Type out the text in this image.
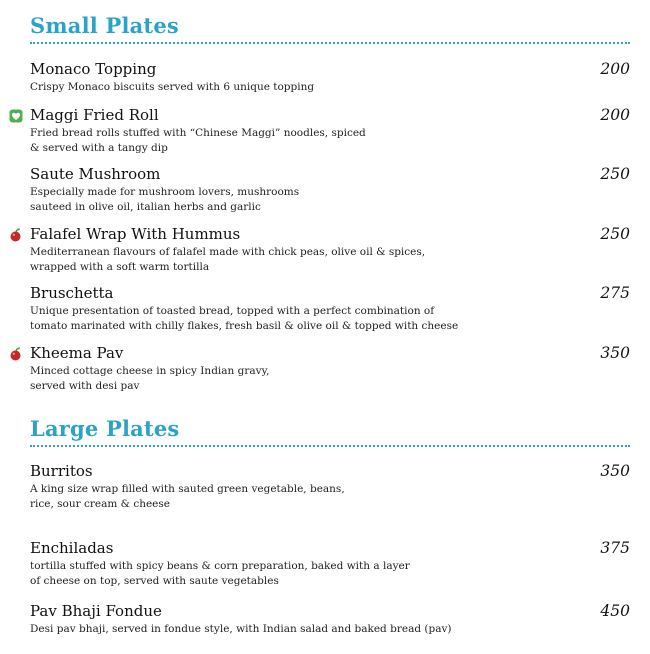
Small Plates
Monaco Topping
Crispy Monaco biscuits served with 6 unique topping
200
Maggi Fried Roll
Fried bread rolls stuffed with “Chinese Maggi” noodles, spiced
& served with a tangy dip
200
Saute Mushroom
Especially made for mushroom lovers, mushrooms
sauteed in olive oil, italian herbs and garlic
250
Falafel Wrap With Hummus
Mediterranean flavours of falafel made with chick peas, olive oil & spices,
wrapped with a soft warm tortilla
250
Bruschetta
Unique presentation of toasted bread, topped with a perfect combination of
tomato marinated with chilly flakes, fresh basil & olive oil & topped with cheese
275
Kheema Pav
Minced cottage cheese in spicy Indian gravy,
served with desi pav
350
Large Plates
Burritos
A king size wrap filled with sauted green vegetable, beans,
rice, sour cream & cheese
350
Enchiladas
tortilla stuffed with spicy beans & corn preparation, baked with a layer
of cheese on top, served with saute vegetables
375
Pav Bhaji Fondue
Desi pav bhaji, served in fondue style, with Indian salad and baked bread (pav)
450
